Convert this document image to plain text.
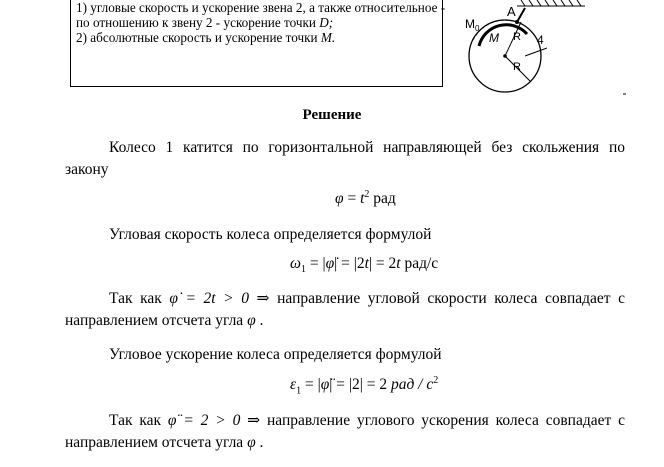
1) угловые скорость и ускорение звена 2, а также относительное -
по отношению к звену 2 - ускорение точки D;
2) абсолютные скорость и ускорение точки M.
A
$M_0$
M R
R
4
Решение
Колесо 1 катится по горизонтальной направляющей без скольжения по закону
$\varphi = t^2$ рад
Угловая скорость колеса определяется формулой
$\omega_1$ = |φ̇| = |2t| = 2t рад/с
Так как φ̇ = 2t > 0 ⇒ направление угловой скорости колеса совпадает с направлением отсчета угла φ .
Угловое ускорение колеса определяется формулой
$\varepsilon_1$ = |φ̈| = |2| = 2 рад / $с^2$
Так как φ̈ = 2 > 0 ⇒ направление углового ускорения колеса совпадает с направлением отсчета угла φ .
